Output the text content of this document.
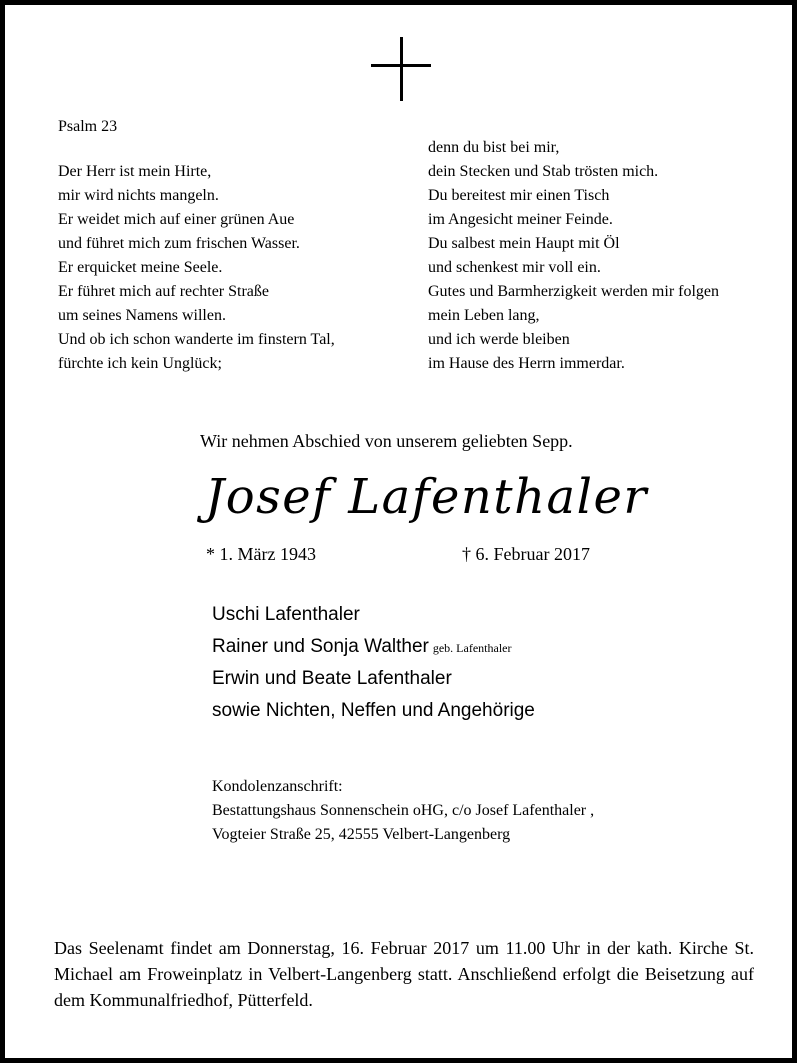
Psalm 23
Der Herr ist mein Hirte,
mir wird nichts mangeln.
Er weidet mich auf einer grünen Aue
und führet mich zum frischen Wasser.
Er erquicket meine Seele.
Er führet mich auf rechter Straße
um seines Namens willen.
Und ob ich schon wanderte im finstern Tal,
fürchte ich kein Unglück;
denn du bist bei mir,
dein Stecken und Stab trösten mich.
Du bereitest mir einen Tisch
im Angesicht meiner Feinde.
Du salbest mein Haupt mit Öl
und schenkest mir voll ein.
Gutes und Barmherzigkeit werden mir folgen
mein Leben lang,
und ich werde bleiben
im Hause des Herrn immerdar.
Wir nehmen Abschied von unserem geliebten Sepp.
Josef Lafenthaler
* 1. März 1943	† 6. Februar 2017
Uschi Lafenthaler
Rainer und Sonja Walther geb. Lafenthaler
Erwin und Beate Lafenthaler
sowie Nichten, Neffen und Angehörige
Kondolenzanschrift:
Bestattungshaus Sonnenschein oHG, c/o Josef Lafenthaler ,
Vogteier Straße 25, 42555 Velbert-Langenberg
Das Seelenamt findet am Donnerstag, 16. Februar 2017 um 11.00 Uhr in der kath. Kirche St. Michael am Froweinplatz in Velbert-Langenberg statt. Anschließend erfolgt die Beisetzung auf dem Kommunalfriedhof, Pütterfeld.
